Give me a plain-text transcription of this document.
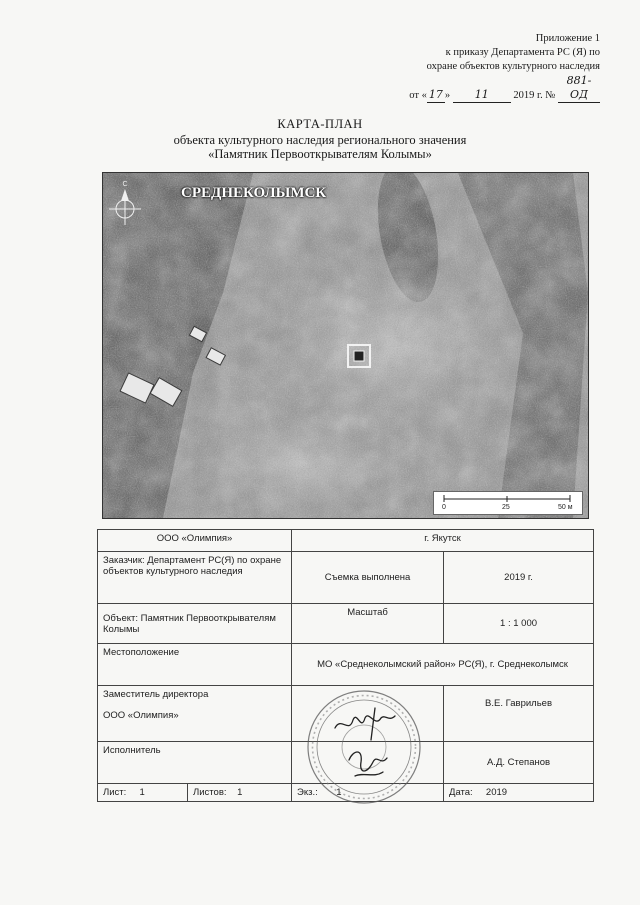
Приложение 1
к приказу Департамента РС (Я) по
охране объектов культурного наследия
от « 17 » 11 2019 г. № 881-ОД
КАРТА-ПЛАН
объекта культурного наследия регионального значения
«Памятник Первооткрывателям Колымы»
С
СРЕДНЕКОЛЫМСК
0	25	50 м
ООО «Олимпия»		г. Якутск	
Заказчик: Департамент РС(Я) по охране объектов культурного наследия		Съемка выполнена	2019 г.
Объект: Памятник Первооткрывателям Колымы		Масштаб	1 : 1 000
Местоположение		МО «Среднеколымский район» РС(Я), г. Среднеколымск	

Заместитель директора
ООО «Олимпия»			В.Е. Гаврильев
Исполнитель			А.Д. Степанов
Лист: 1	Листов: 1	Экз.: 1	Дата: 2019
